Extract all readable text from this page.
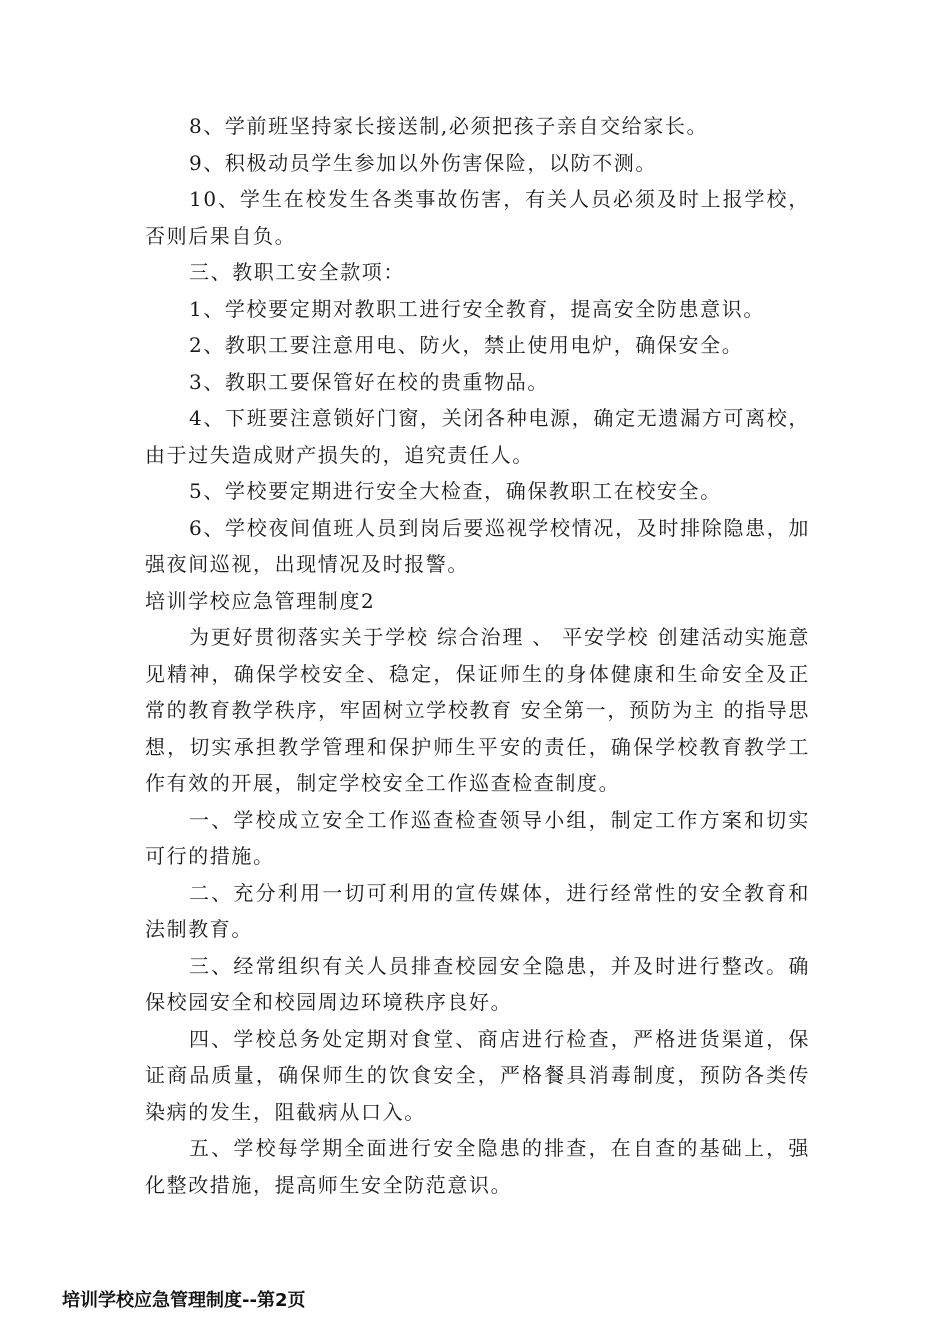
8、学前班坚持家长接送制,必须把孩子亲自交给家长。

9、积极动员学生参加以外伤害保险，以防不测。

10、学生在校发生各类事故伤害，有关人员必须及时上报学校，否则后果自负。

三、教职工安全款项：

1、学校要定期对教职工进行安全教育，提高安全防患意识。

2、教职工要注意用电、防火，禁止使用电炉，确保安全。

3、教职工要保管好在校的贵重物品。

4、下班要注意锁好门窗，关闭各种电源，确定无遗漏方可离校，由于过失造成财产损失的，追究责任人。

5、学校要定期进行安全大检查，确保教职工在校安全。

6、学校夜间值班人员到岗后要巡视学校情况，及时排除隐患，加强夜间巡视，出现情况及时报警。

培训学校应急管理制度2

为更好贯彻落实关于学校 综合治理 、 平安学校 创建活动实施意见精神，确保学校安全、稳定，保证师生的身体健康和生命安全及正常的教育教学秩序，牢固树立学校教育 安全第一，预防为主 的指导思想，切实承担教学管理和保护师生平安的责任，确保学校教育教学工作有效的开展，制定学校安全工作巡查检查制度。

一、学校成立安全工作巡查检查领导小组，制定工作方案和切实可行的措施。

二、充分利用一切可利用的宣传媒体，进行经常性的安全教育和法制教育。

三、经常组织有关人员排查校园安全隐患，并及时进行整改。确保校园安全和校园周边环境秩序良好。

四、学校总务处定期对食堂、商店进行检查，严格进货渠道，保证商品质量，确保师生的饮食安全，严格餐具消毒制度，预防各类传染病的发生，阻截病从口入。

五、学校每学期全面进行安全隐患的排查，在自查的基础上，强化整改措施，提高师生安全防范意识。

培训学校应急管理制度--第2页
